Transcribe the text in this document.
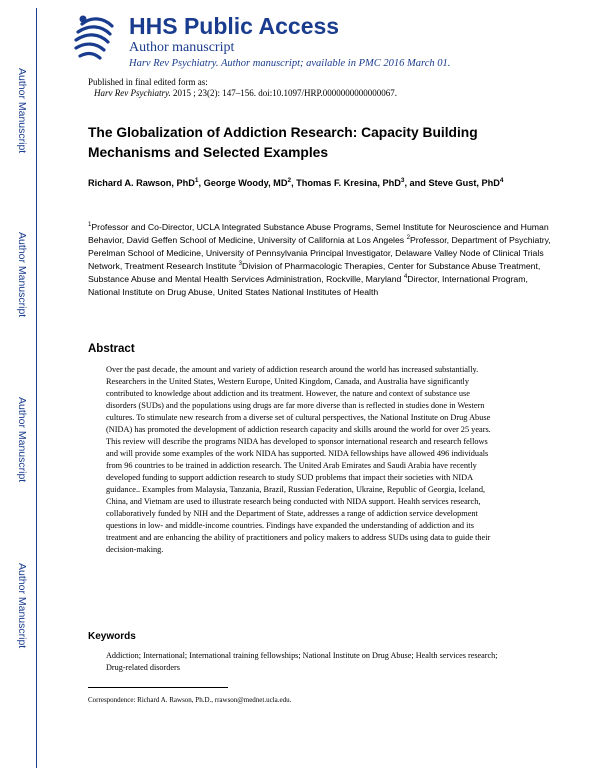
Author Manuscript
Author Manuscript
Author Manuscript
Author Manuscript
HHS Public Access
Author manuscript
Harv Rev Psychiatry. Author manuscript; available in PMC 2016 March 01.
Published in final edited form as:
Harv Rev Psychiatry. 2015 ; 23(2): 147–156. doi:10.1097/HRP.0000000000000067.
The Globalization of Addiction Research: Capacity Building Mechanisms and Selected Examples
Richard A. Rawson, PhD$^1$, George Woody, $MD^2$, Thomas F. Kresina, PhD$^3$, and Steve Gust, PhD$^4$
$^1$Professor and Co-Director, UCLA Integrated Substance Abuse Programs, Semel Institute for Neuroscience and Human Behavior, David Geffen School of Medicine, University of California at Los Angeles $^2$Professor, Department of Psychiatry, Perelman School of Medicine, University of Pennsylvania Principal Investigator, Delaware Valley Node of Clinical Trials Network, Treatment Research Institute $^3$Division of Pharmacologic Therapies, Center for Substance Abuse Treatment, Substance Abuse and Mental Health Services Administration, Rockville, Maryland $^4$Director, International Program, National Institute on Drug Abuse, United States National Institutes of Health
Abstract
Over the past decade, the amount and variety of addiction research around the world has increased substantially. Researchers in the United States, Western Europe, United Kingdom, Canada, and Australia have significantly contributed to knowledge about addiction and its treatment. However, the nature and context of substance use disorders (SUDs) and the populations using drugs are far more diverse than is reflected in studies done in Western cultures. To stimulate new research from a diverse set of cultural perspectives, the National Institute on Drug Abuse (NIDA) has promoted the development of addiction research capacity and skills around the world for over 25 years. This review will describe the programs NIDA has developed to sponsor international research and research fellows and will provide some examples of the work NIDA has supported. NIDA fellowships have allowed 496 individuals from 96 countries to be trained in addiction research. The United Arab Emirates and Saudi Arabia have recently developed funding to support addiction research to study SUD problems that impact their societies with NIDA guidance.. Examples from Malaysia, Tanzania, Brazil, Russian Federation, Ukraine, Republic of Georgia, Iceland, China, and Vietnam are used to illustrate research being conducted with NIDA support. Health services research, collaboratively funded by NIH and the Department of State, addresses a range of addiction service development questions in low- and middle-income countries. Findings have expanded the understanding of addiction and its treatment and are enhancing the ability of practitioners and policy makers to address SUDs using data to guide their decision-making.
Keywords
Addiction; International; International training fellowships; National Institute on Drug Abuse; Health services research; Drug-related disorders
Correspondence: Richard A. Rawson, Ph.D., rrawson@mednet.ucla.edu.
